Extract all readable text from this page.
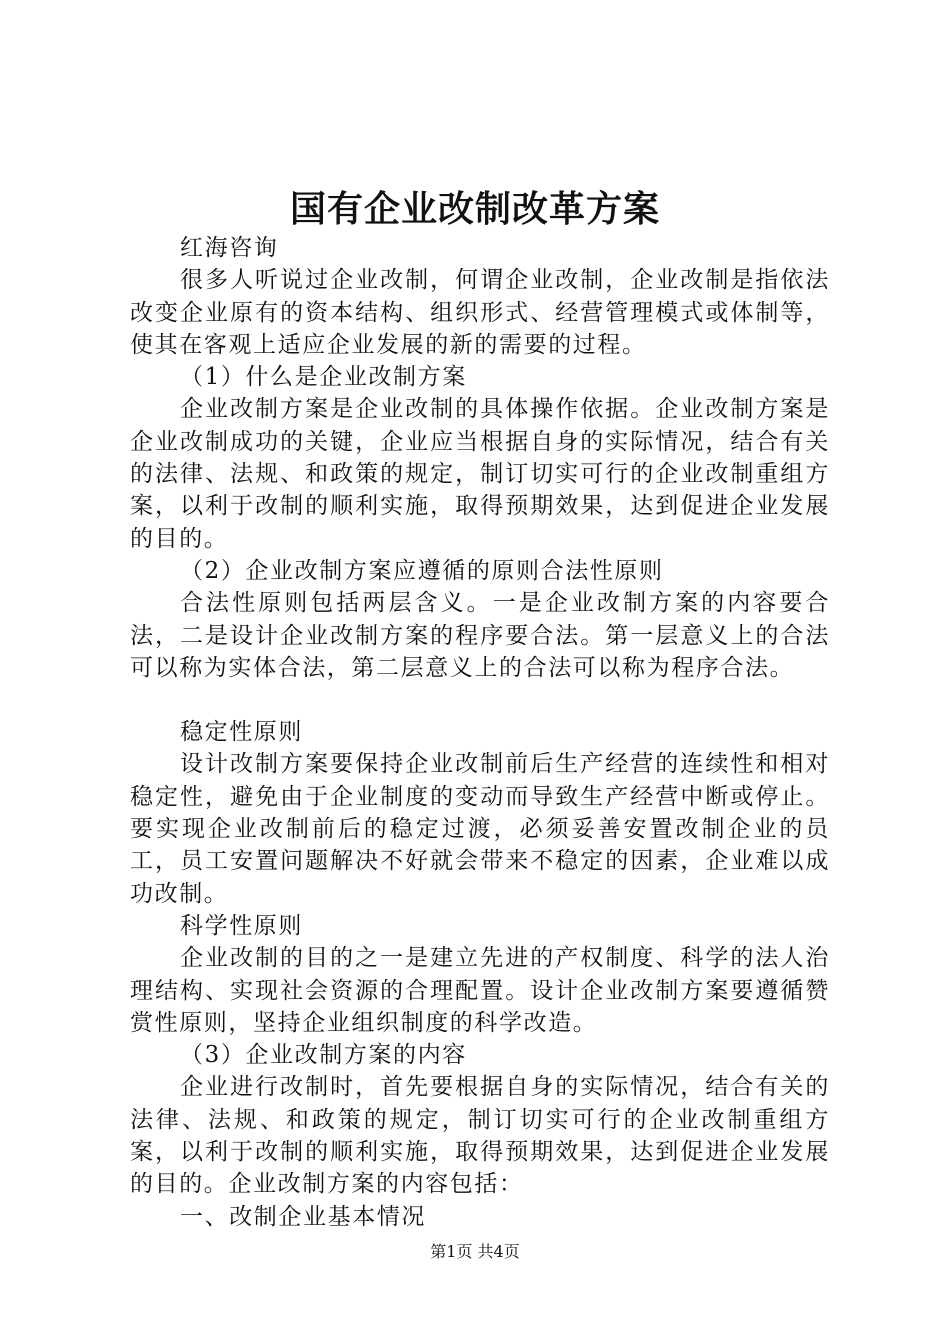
国有企业改制改革方案

红海咨询

很多人听说过企业改制，何谓企业改制，企业改制是指依法改变企业原有的资本结构、组织形式、经营管理模式或体制等，使其在客观上适应企业发展的新的需要的过程。

（1）什么是企业改制方案

企业改制方案是企业改制的具体操作依据。企业改制方案是企业改制成功的关键，企业应当根据自身的实际情况，结合有关的法律、法规、和政策的规定，制订切实可行的企业改制重组方案，以利于改制的顺利实施，取得预期效果，达到促进企业发展的目的。

（2）企业改制方案应遵循的原则合法性原则

合法性原则包括两层含义。一是企业改制方案的内容要合法，二是设计企业改制方案的程序要合法。第一层意义上的合法可以称为实体合法，第二层意义上的合法可以称为程序合法。

稳定性原则

设计改制方案要保持企业改制前后生产经营的连续性和相对稳定性，避免由于企业制度的变动而导致生产经营中断或停止。要实现企业改制前后的稳定过渡，必须妥善安置改制企业的员工，员工安置问题解决不好就会带来不稳定的因素，企业难以成功改制。

科学性原则

企业改制的目的之一是建立先进的产权制度、科学的法人治理结构、实现社会资源的合理配置。设计企业改制方案要遵循赞赏性原则，坚持企业组织制度的科学改造。

（3）企业改制方案的内容

企业进行改制时，首先要根据自身的实际情况，结合有关的法律、法规、和政策的规定，制订切实可行的企业改制重组方案，以利于改制的顺利实施，取得预期效果，达到促进企业发展的目的。企业改制方案的内容包括：

一、改制企业基本情况

第1页 共4页
